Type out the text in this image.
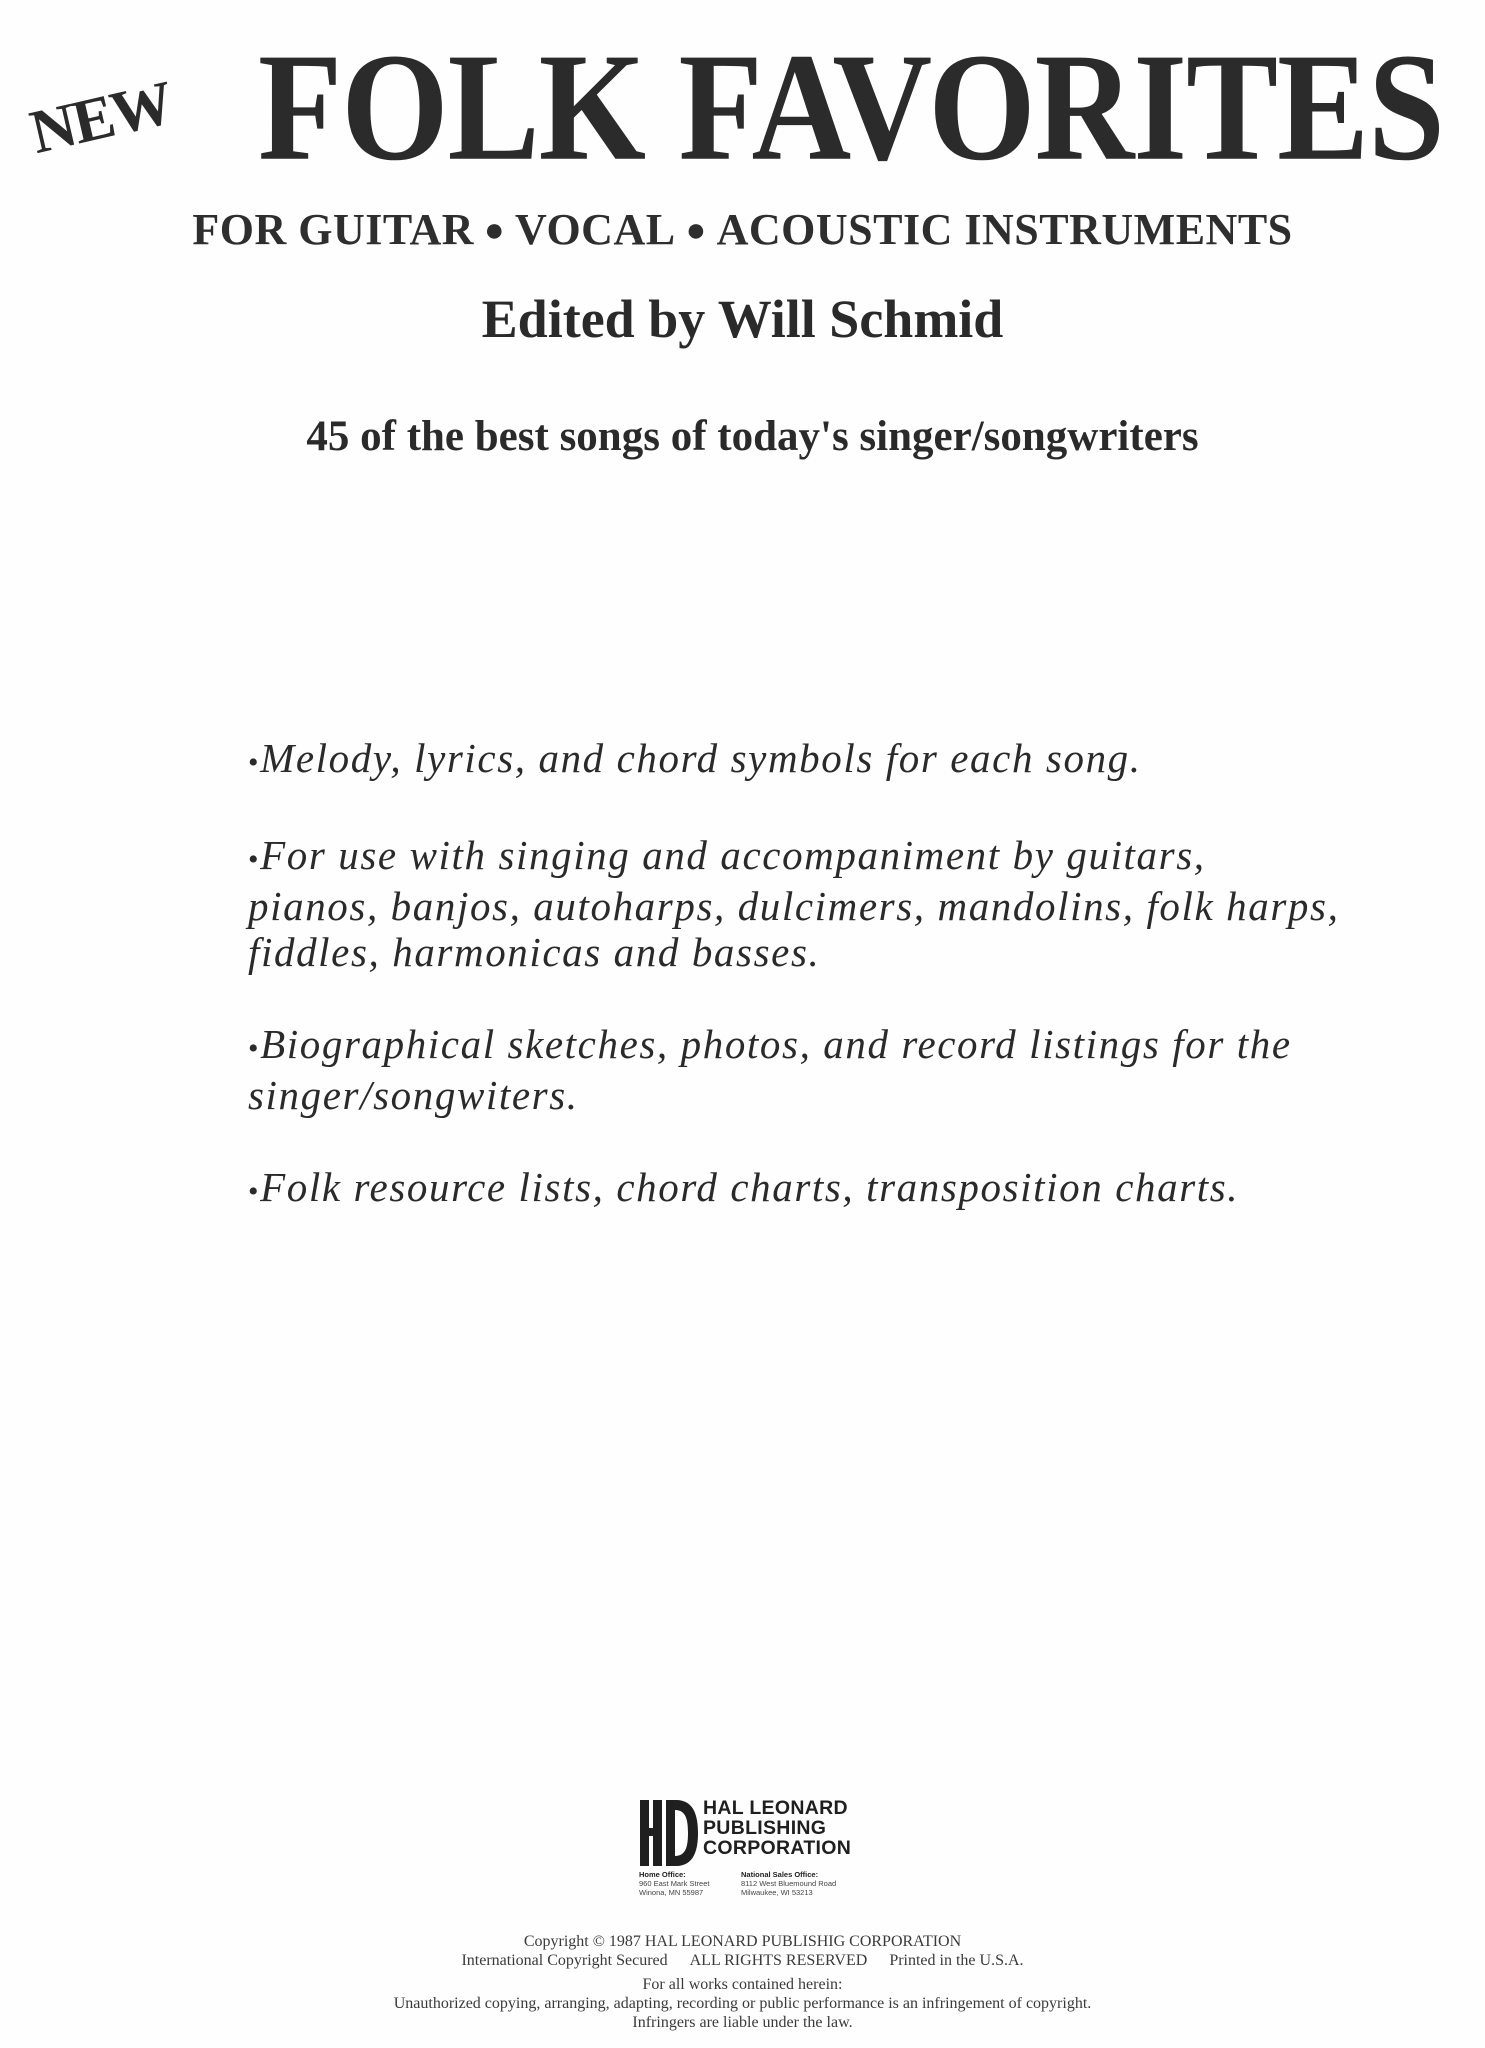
NEW FOLK FAVORITES
FOR GUITAR ● VOCAL ● ACOUSTIC INSTRUMENTS
Edited by Will Schmid
45 of the best songs of today's singer/songwriters
•Melody, lyrics, and chord symbols for each song.
•For use with singing and accompaniment by guitars, pianos, banjos, autoharps, dulcimers, mandolins, folk harps, fiddles, harmonicas and basses.
•Biographical sketches, photos, and record listings for the singer/songwiters.
•Folk resource lists, chord charts, transposition charts.
HAL LEONARD
PUBLISHING
CORPORATION
Home Office:
960 East Mark Street
Winona, MN 55987
National Sales Office:
8112 West Bluemound Road
Milwaukee, WI 53213
Copyright © 1987 HAL LEONARD PUBLISHIG CORPORATION
International Copyright Secured ALL RIGHTS RESERVED Printed in the U.S.A.
For all works contained herein:
Unauthorized copying, arranging, adapting, recording or public performance is an infringement of copyright.
Infringers are liable under the law.
